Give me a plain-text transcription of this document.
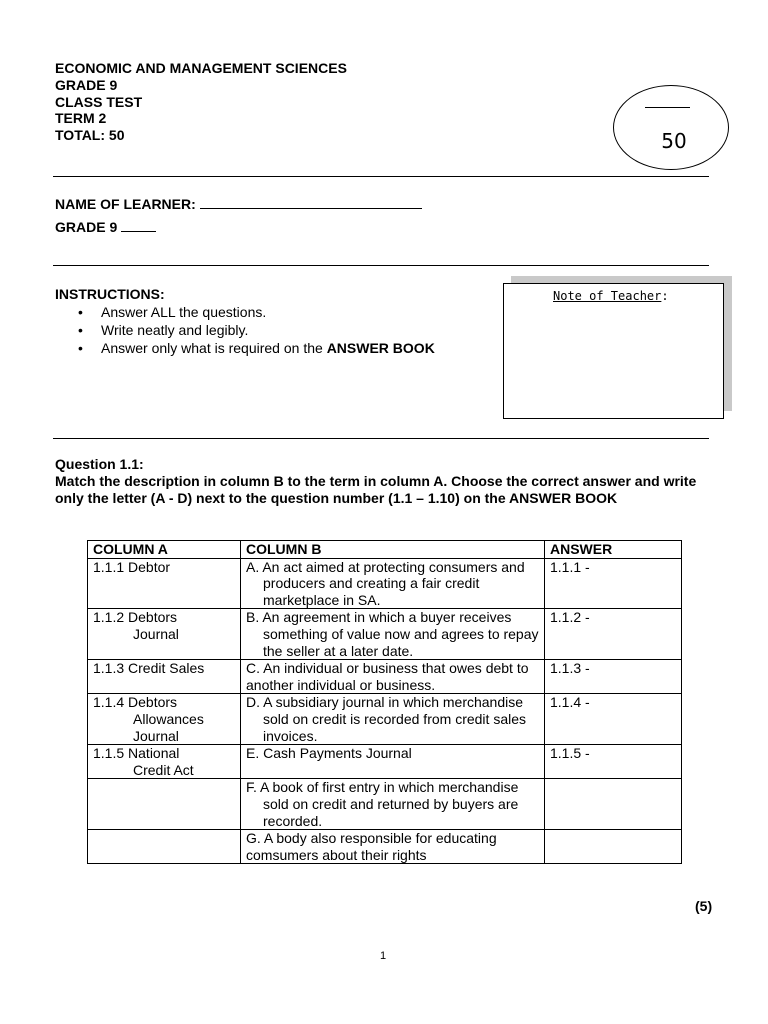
ECONOMIC AND MANAGEMENT SCIENCES
GRADE 9
CLASS TEST
TERM 2
TOTAL: 50	50
NAME OF LEARNER:
GRADE 9
INSTRUCTIONS:
• Answer ALL the questions.
• Write neatly and legibly.
• Answer only what is required on the ANSWER BOOK
Note of Teacher:
Question 1.1:
Match the description in column B to the term in column A. Choose the correct answer and write only the letter (A - D) next to the question number (1.1 – 1.10) on the ANSWER BOOK
COLUMN A	COLUMN B	ANSWER

1.1.1 Debtor	A. An act aimed at protecting consumers and producers and creating a fair credit marketplace in SA.	1.1.1 -

1.1.2 Debtors
Journal	B. An agreement in which a buyer receives something of value now and agrees to repay the seller at a later date.	1.1.2 -

1.1.3 Credit Sales	C. An individual or business that owes debt to another individual or business.	1.1.3 -

1.1.4 Debtors
Allowances Journal	D. A subsidiary journal in which merchandise sold on credit is recorded from credit sales invoices.	1.1.4 -

1.1.5 National
Credit Act	E. Cash Payments Journal	1.1.5 -

	F. A book of first entry in which merchandise sold on credit and returned by buyers are recorded.	

	G. A body also responsible for educating comsumers about their rights	

(5)
1
